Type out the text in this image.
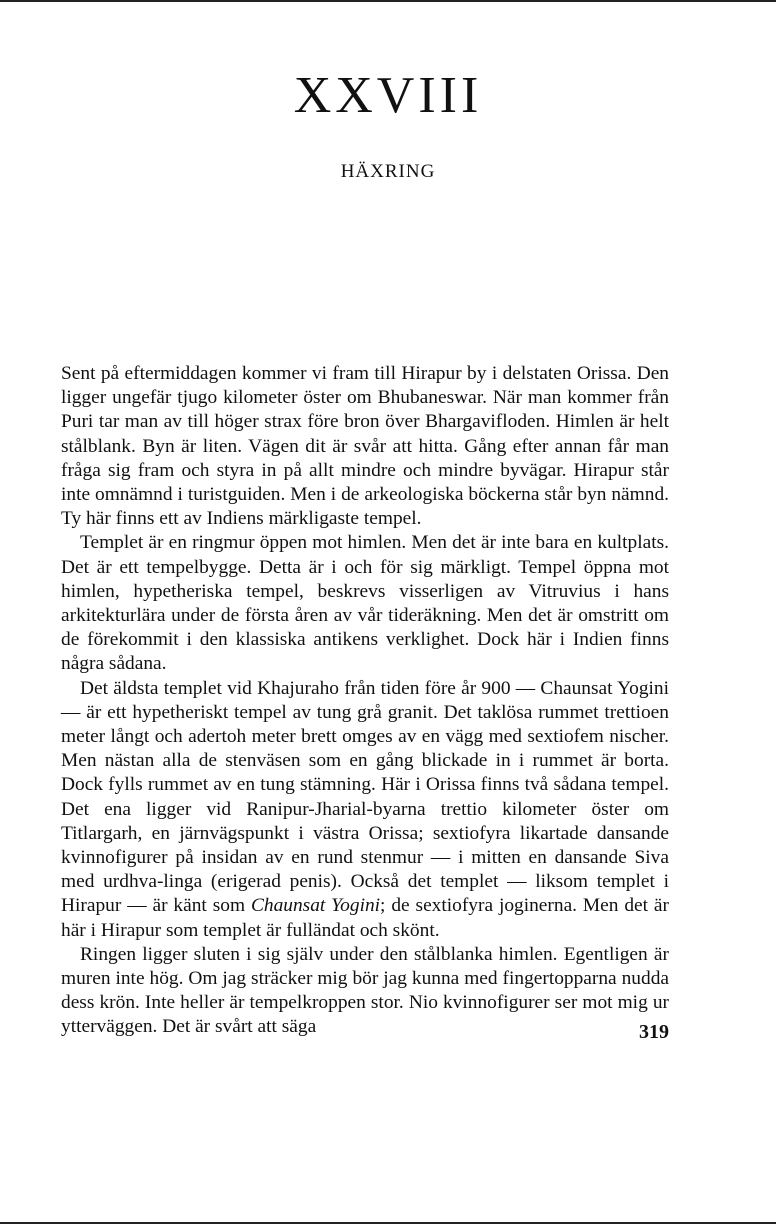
XXVIII
HÄXRING

Sent på eftermiddagen kommer vi fram till Hirapur by i delstaten Orissa. Den ligger ungefär tjugo kilometer öster om Bhubaneswar. När man kommer från Puri tar man av till höger strax före bron över Bhargavifloden. Himlen är helt stålblank. Byn är liten. Vägen dit är svår att hitta. Gång efter annan får man fråga sig fram och styra in på allt mindre och mindre byvägar. Hirapur står inte omnämnd i turistguiden. Men i de arkeologiska böckerna står byn nämnd. Ty här finns ett av Indiens märkligaste tempel.

Templet är en ringmur öppen mot himlen. Men det är inte bara en kultplats. Det är ett tempelbygge. Detta är i och för sig märkligt. Tempel öppna mot himlen, hypetheriska tempel, beskrevs visserligen av Vitruvius i hans arkitekturlära under de första åren av vår tideräkning. Men det är omstritt om de förekommit i den klassiska antikens verklighet. Dock här i Indien finns några sådana.

Det äldsta templet vid Khajuraho från tiden före år 900 — Chaunsat Yogini — är ett hypetheriskt tempel av tung grå granit. Det taklösa rummet trettioen meter långt och adertoh meter brett omges av en vägg med sextiofem nischer. Men nästan alla de stenväsen som en gång blickade in i rummet är borta. Dock fylls rummet av en tung stämning. Här i Orissa finns två sådana tempel. Det ena ligger vid Ranipur-Jharial-byarna trettio kilometer öster om Titlargarh, en järnvägspunkt i västra Orissa; sextiofyra likartade dansande kvinnofigurer på insidan av en rund stenmur — i mitten en dansande Siva med urdhva-linga (erigerad penis). Också det templet — liksom templet i Hirapur — är känt som Chaunsat Yogini; de sextiofyra joginerna. Men det är här i Hirapur som templet är fulländat och skönt.

Ringen ligger sluten i sig själv under den stålblanka himlen. Egentligen är muren inte hög. Om jag sträcker mig bör jag kunna med fingertopparna nudda dess krön. Inte heller är tempelkroppen stor. Nio kvinnofigurer ser mot mig ur ytterväggen. Det är svårt att säga	319
